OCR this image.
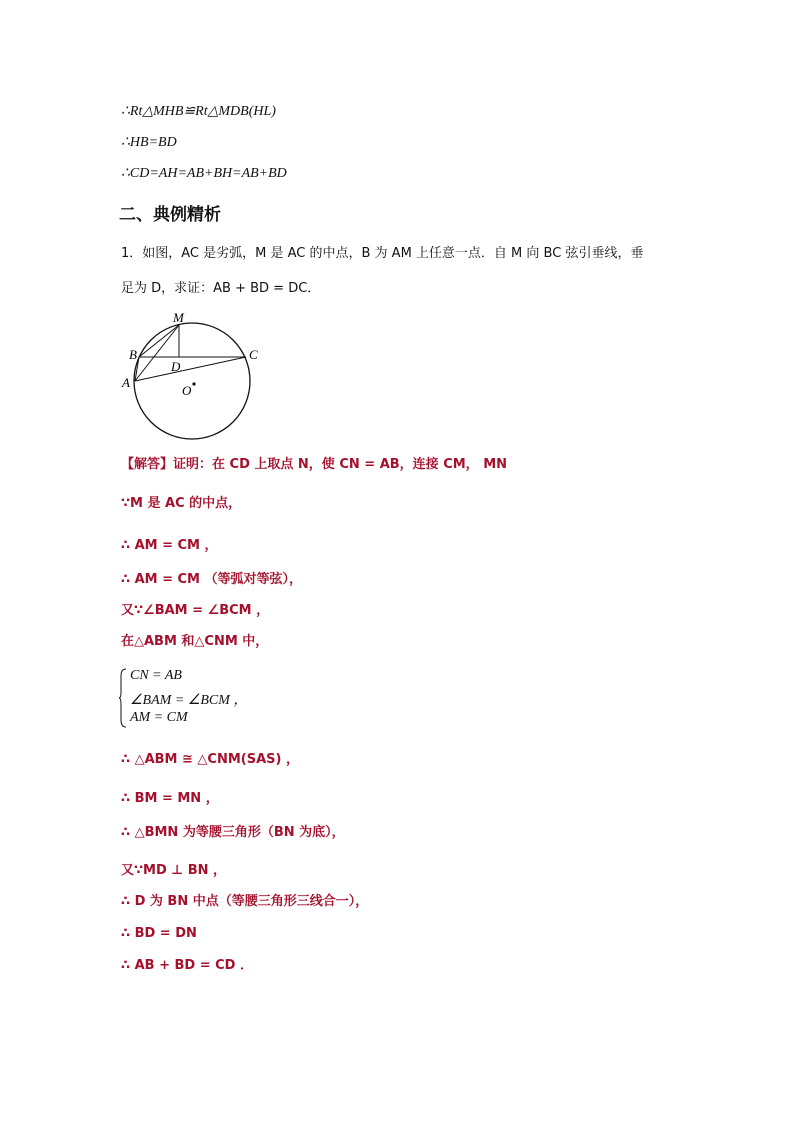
∴Rt△MHB≌Rt△MDB(HL)
∴HB=BD
∴CD=AH=AB+BH=AB+BD
二、典例精析
1．如图，AC 是劣弧，M 是 AC 的中点，B 为 AM 上任意一点．自 M 向 BC 弦引垂线，垂
足为 D，求证：AB + BD = DC．
M
B	C
A
D
O
【解答】证明：在 CD 上取点 N，使 CN = AB，连接 CM， MN
∵M 是 AC 的中点，
∴ AM = CM ，
∴ AM = CM （等弧对等弦），
又∵∠BAM = ∠BCM ，
在△ABM 和△CNM 中，
CN = AB
∠BAM = ∠BCM ，
AM = CM
∴ △ABM ≅ △CNM(SAS) ，
∴ BM = MN ，
∴ △BMN 为等腰三角形（BN 为底），
又∵MD ⊥ BN ，
∴ D 为 BN 中点（等腰三角形三线合一），
∴ BD = DN
∴ AB + BD = CD ．
